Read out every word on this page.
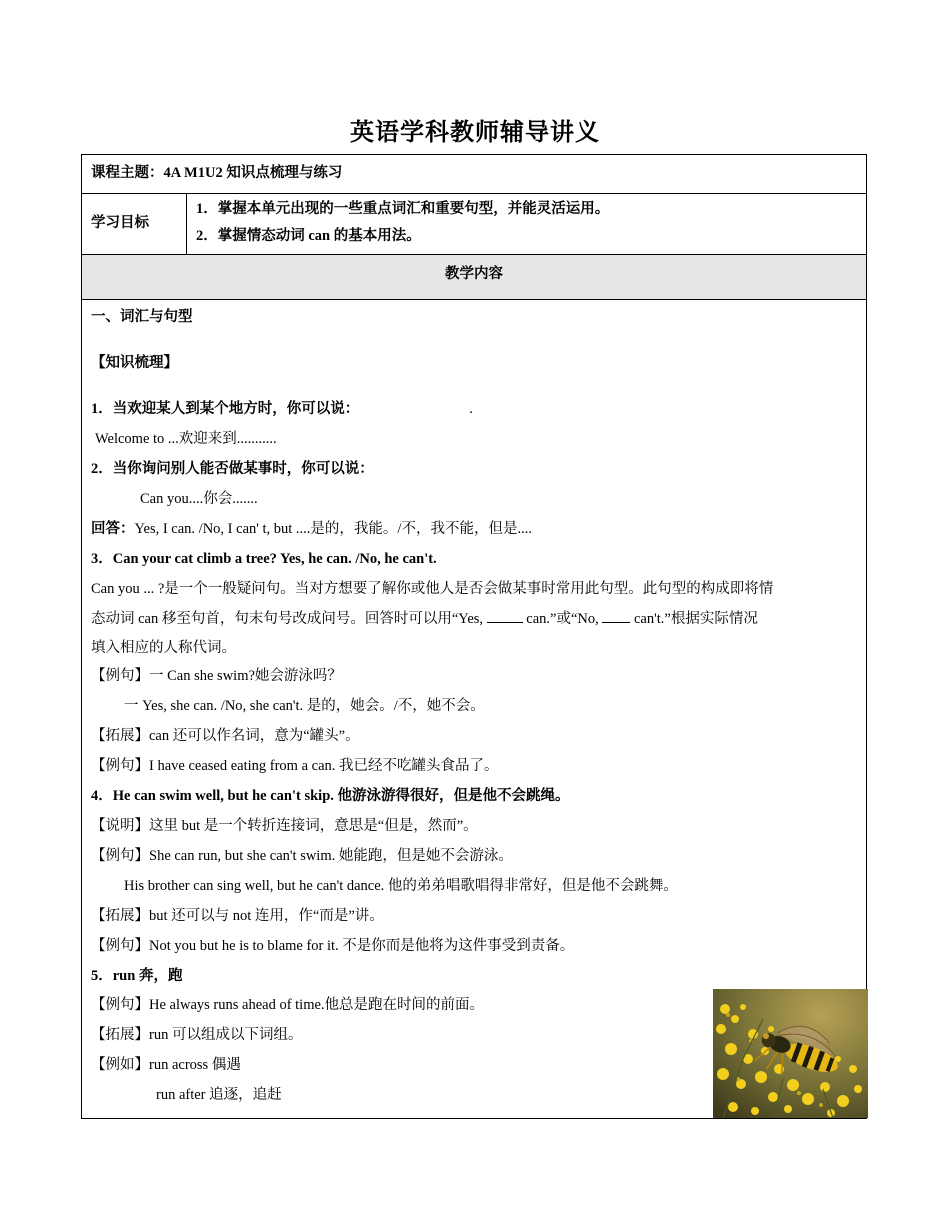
英语学科教师辅导讲义
课程主题：4A M1U2 知识点梳理与练习
学习目标
1．掌握本单元出现的一些重点词汇和重要句型，并能灵活运用。
2．掌握情态动词 can 的基本用法。
教学内容
一、词汇与句型
【知识梳理】
1．当欢迎某人到某个地方时，你可以说：	.
Welcome to ...欢迎来到...........
2．当你询问别人能否做某事时，你可以说：
Can you....你会.......
回答：Yes, I can. /No, I can' t, but ....是的，我能。/不，我不能，但是....
3．Can your cat climb a tree? Yes, he can. /No, he can't.
Can you ... ?是一个一般疑问句。当对方想要了解你或他人是否会做某事时常用此句型。此句型的构成即将情
态动词 can 移至句首，句末句号改成问号。回答时可以用“Yes,  can.”或“No,  can't.”根据实际情况
填入相应的人称代词。
【例句】一 Can she swim?她会游泳吗？
一 Yes, she can. /No, she can't. 是的，她会。/不，她不会。
【拓展】can 还可以作名词，意为“罐头”。
【例句】I have ceased eating from a can. 我已经不吃罐头食品了。
4．He can swim well, but he can't skip. 他游泳游得很好，但是他不会跳绳。
【说明】这里 but 是一个转折连接词，意思是“但是，然而”。
【例句】She can run, but she can't swim. 她能跑，但是她不会游泳。
His brother can sing well, but he can't dance. 他的弟弟唱歌唱得非常好，但是他不会跳舞。
【拓展】but 还可以与 not 连用，作“而是”讲。
【例句】Not you but he is to blame for it. 不是你而是他将为这件事受到责备。
5．run 奔，跑
【例句】He always runs ahead of time.他总是跑在时间的前面。
【拓展】run 可以组成以下词组。
【例如】run across 偶遇
run after 追逐，追赶
